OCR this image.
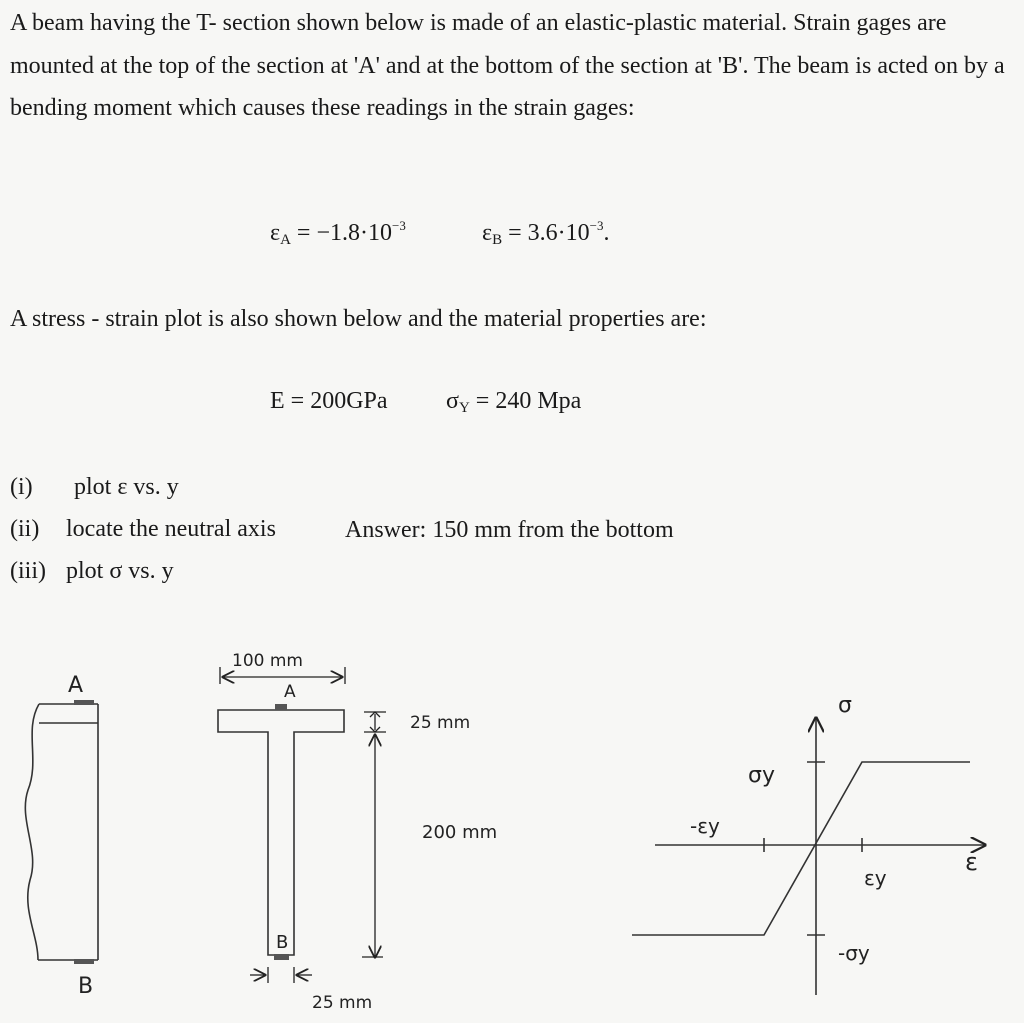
A beam having the T- section shown below is made of an elastic-plastic material. Strain gages are mounted at the top of the section at 'A' and at the bottom of the section at 'B'. The beam is acted on by a bending moment which causes these readings in the strain gages:
$\varepsilon_A = -1.8\cdot 10^{-3}$	$\varepsilon_B = 3.6\cdot 10^{-3}$.
A stress - strain plot is also shown below and the material properties are:
E = 200GPa $\sigma_Y = 240$ Mpa
(i) plot ε vs. y
(ii) locate the neutral axis	Answer: 150 mm from the bottom
(iii) plot σ vs. y
A
B
100 mm
A
B
25 mm
200 mm
25 mm
σ
ε
σy
-εy
εy
-σy
